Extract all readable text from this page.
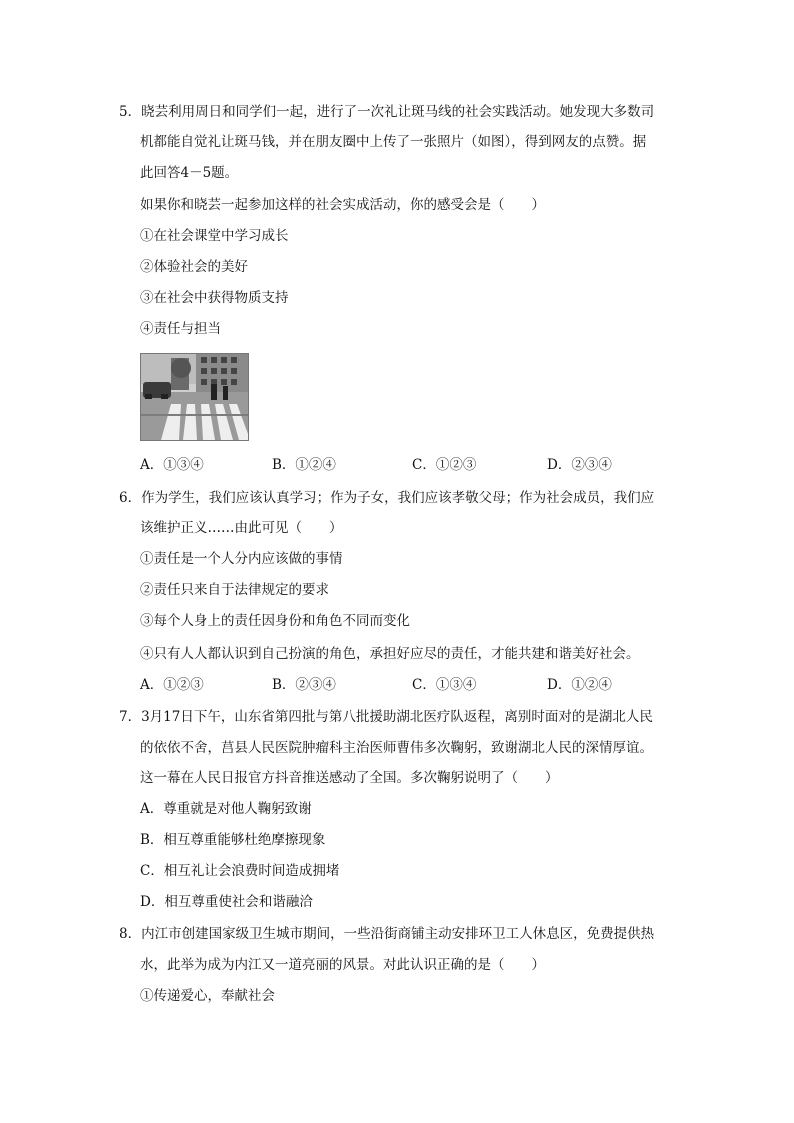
5．晓芸利用周日和同学们一起，进行了一次礼让斑马线的社会实践活动。她发现大多数司
机都能自觉礼让斑马钱，并在朋友圈中上传了一张照片（如图），得到网友的点赞。据
此回答4－5题。
如果你和晓芸一起参加这样的社会实成活动，你的感受会是（　　）
①在社会课堂中学习成长
②体验社会的美好
③在社会中获得物质支持
④责任与担当
A．①③④	B．①②④	C．①②③	D．②③④
6．作为学生，我们应该认真学习；作为子女，我们应该孝敬父母；作为社会成员，我们应
该维护正义……由此可见（　　）
①责任是一个人分内应该做的事情
②责任只来自于法律规定的要求
③每个人身上的责任因身份和角色不同而变化
④只有人人都认识到自己扮演的角色，承担好应尽的责任，才能共建和谐美好社会。
A．①②③	B．②③④	C．①③④	D．①②④
7．3月17日下午，山东省第四批与第八批援助湖北医疗队返程，离别时面对的是湖北人民
的依依不舍，莒县人民医院肿瘤科主治医师曹伟多次鞠躬，致谢湖北人民的深情厚谊。
这一幕在人民日报官方抖音推送感动了全国。多次鞠躬说明了（　　）
A．尊重就是对他人鞠躬致谢
B．相互尊重能够杜绝摩擦现象
C．相互礼让会浪费时间造成拥堵
D．相互尊重使社会和谐融洽
8．内江市创建国家级卫生城市期间，一些沿街商铺主动安排环卫工人休息区，免费提供热
水，此举为成为内江又一道亮丽的风景。对此认识正确的是（　　）
①传递爱心，奉献社会
